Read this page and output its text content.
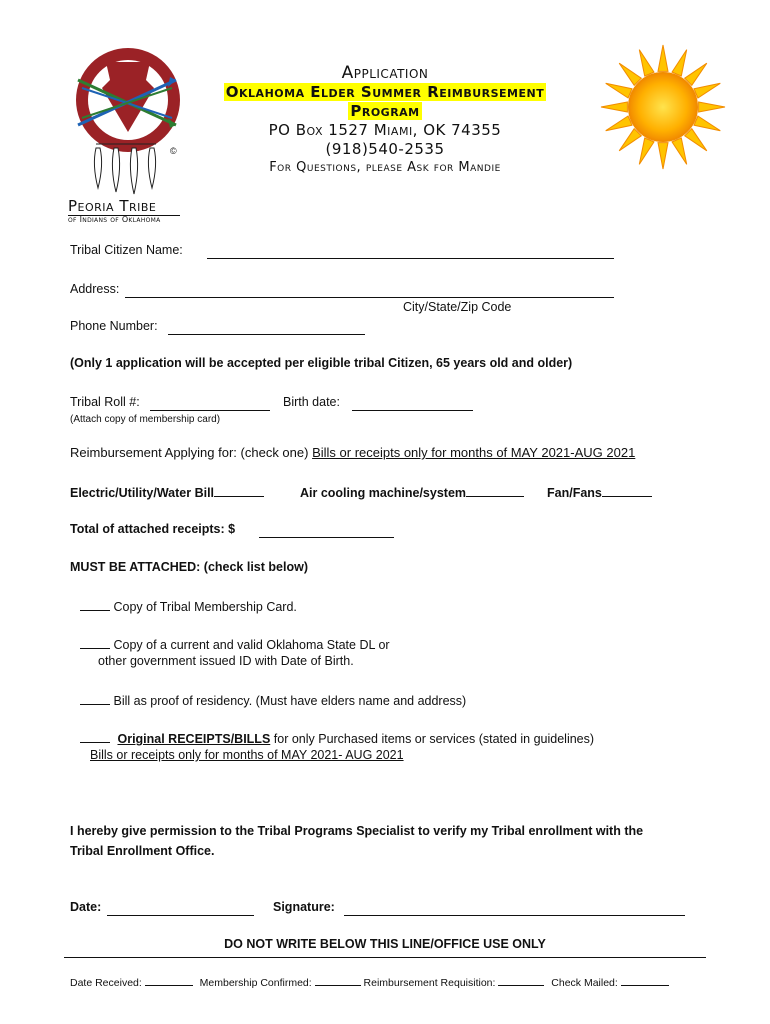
©
Peoria Tribe
of Indians of Oklahoma
Application
Oklahoma Elder Summer Reimbursement
Program
PO Box 1527 Miami, OK 74355
(918)540-2535
For Questions, please Ask for Mandie
Tribal Citizen Name:
Address:
City/State/Zip Code
Phone Number:
(Only 1 application will be accepted per eligible tribal Citizen, 65 years old and older)
Tribal Roll #:	Birth date:
(Attach copy of membership card)
Reimbursement Applying for: (check one) Bills or receipts only for months of MAY 2021-AUG 2021
Electric/Utility/Water Bill	Air cooling machine/system	Fan/Fans
Total of attached receipts: $
MUST BE ATTACHED: (check list below)
Copy of Tribal Membership Card.
Copy of a current and valid Oklahoma State DL or
other government issued ID with Date of Birth.
Bill as proof of residency. (Must have elders name and address)
Original RECEIPTS/BILLS for only Purchased items or services (stated in guidelines)
Bills or receipts only for months of MAY 2021- AUG 2021
I hereby give permission to the Tribal Programs Specialist to verify my Tribal enrollment with the
Tribal Enrollment Office.
Date:	Signature:
DO NOT WRITE BELOW THIS LINE/OFFICE USE ONLY
Date Received:	Membership Confirmed:	Reimbursement Requisition:	Check Mailed:
